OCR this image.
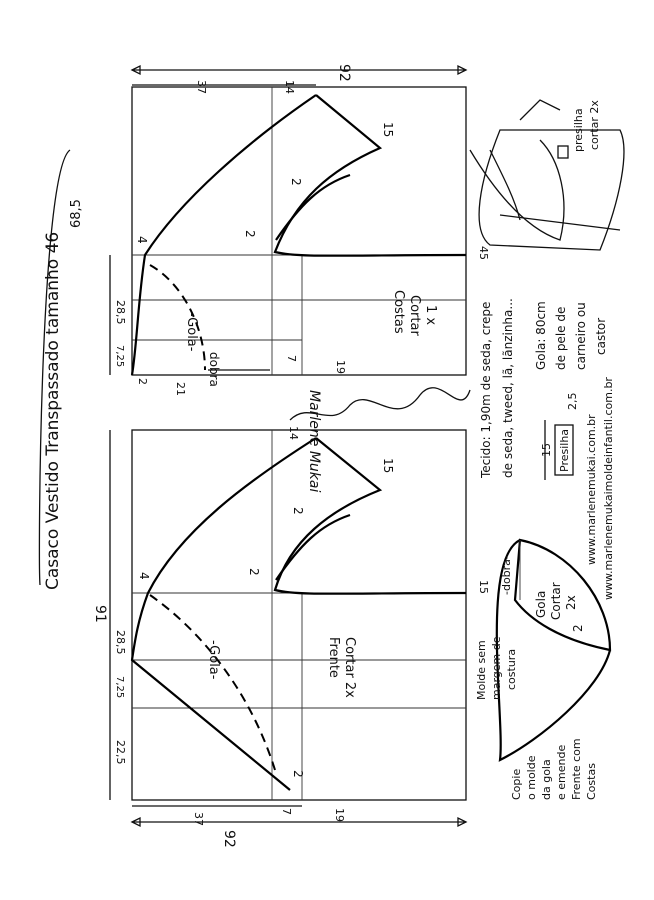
Casaco Vestido Transpassado tamanho 46
68,5
92
37	14
15
2
2
4
45
7,25
28,5
2
21
dobra	7
19
-Gola-	Costas Cortar 1 x
91
92
14
15
2
2
4
15
28,5
7,25
22,5
2
37
7	19
-Gola-	Frente Cortar 2x
Tecido: 1,90m de seda, crepe de seda, tweed, lã, lãnzinha... Gola: 80cm de pele de carneiro ou castor
Presilha
15
2,5
presilha cortar 2x
-dobra-
Gola Cortar 2x
2
Molde sem margem de costura
Copie o molde da gola e emende Frente com Costas
www.marlenemukai.com.br www.marlenemukaimoldeinfantil.com.br
Marlene Mukai
